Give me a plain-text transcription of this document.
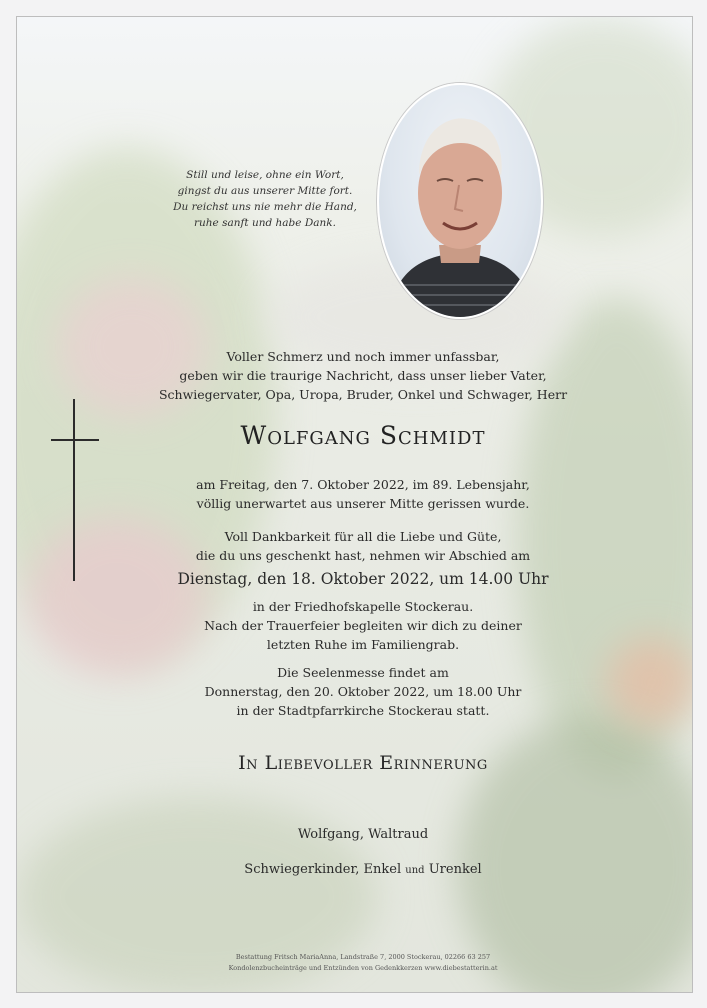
Still und leise, ohne ein Wort,
gingst du aus unserer Mitte fort.
Du reichst uns nie mehr die Hand,
ruhe sanft und habe Dank.
Voller Schmerz und noch immer unfassbar,
geben wir die traurige Nachricht, dass unser lieber Vater,
Schwiegervater, Opa, Uropa, Bruder, Onkel und Schwager, Herr
Wolfgang Schmidt
am Freitag, den 7. Oktober 2022, im 89. Lebensjahr,
völlig unerwartet aus unserer Mitte gerissen wurde.
Voll Dankbarkeit für all die Liebe und Güte,
die du uns geschenkt hast, nehmen wir Abschied am
Dienstag, den 18. Oktober 2022, um 14.00 Uhr
in der Friedhofskapelle Stockerau.
Nach der Trauerfeier begleiten wir dich zu deiner
letzten Ruhe im Familiengrab.
Die Seelenmesse findet am
Donnerstag, den 20. Oktober 2022, um 18.00 Uhr
in der Stadtpfarrkirche Stockerau statt.
In Liebevoller Erinnerung
Wolfgang, Waltraud
Schwiegerkinder, Enkel und Urenkel
Bestattung Fritsch MariaAnna, Landstraße 7, 2000 Stockerau, 02266 63 257
Kondolenzbucheinträge und Entzünden von Gedenkkerzen www.diebestatterin.at
